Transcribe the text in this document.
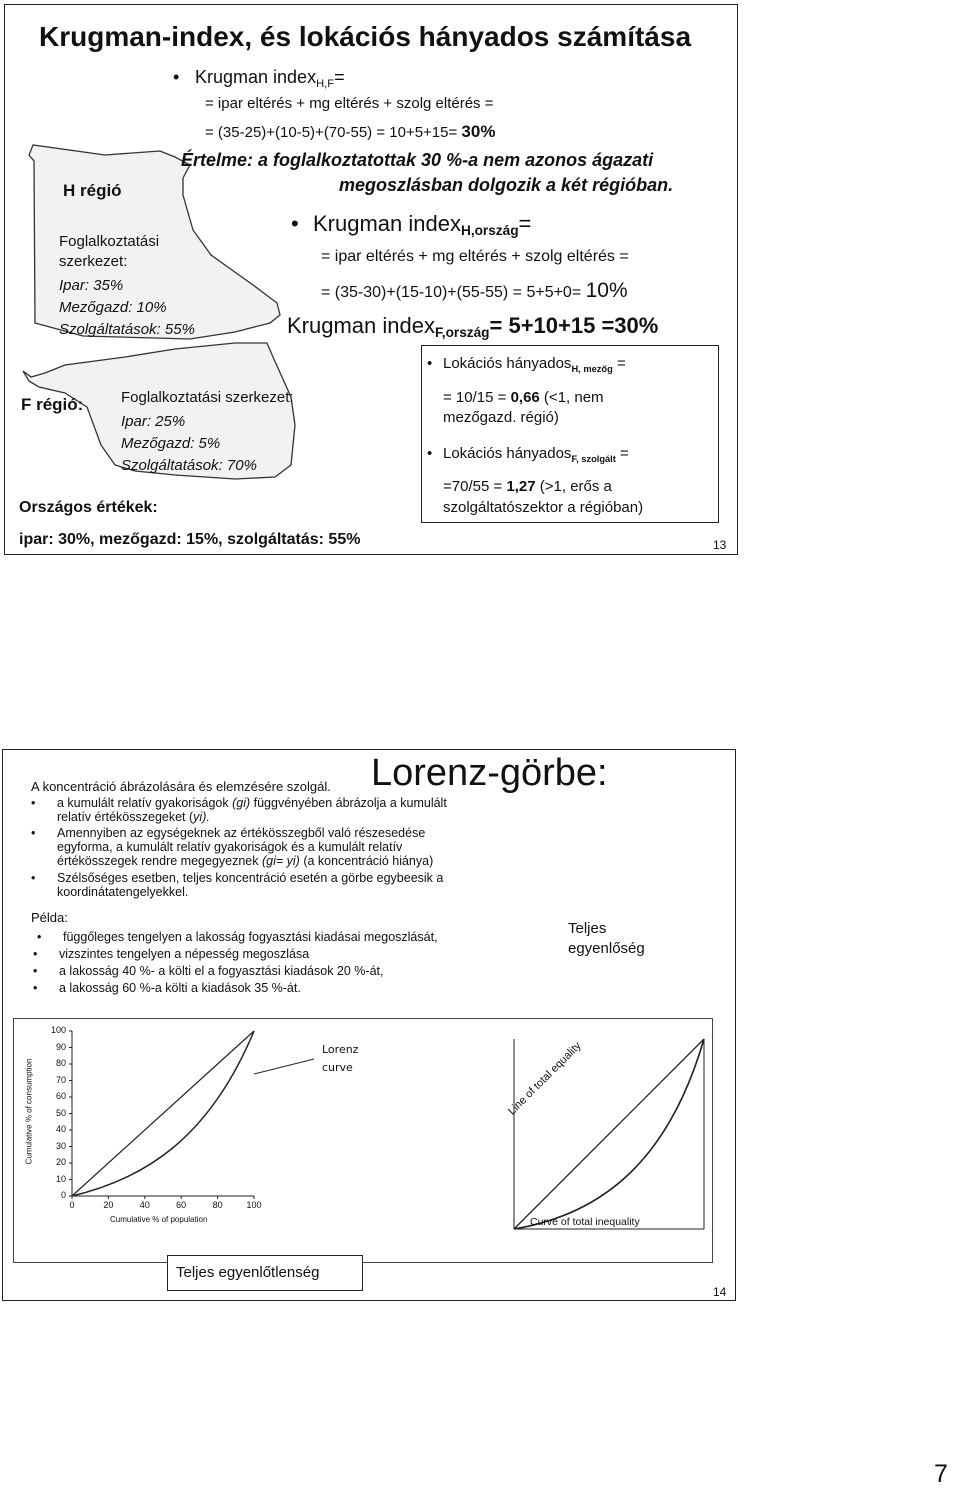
Krugman-index, és lokációs hányados számítása
• Krugman index$_{H,F}$=
= ipar eltérés + mg eltérés + szolg eltérés =
= (35-25)+(10-5)+(70-55) = 10+5+15= 30%
Értelme: a foglalkoztatottak 30 %-a nem azonos ágazati
megoszlásban dolgozik a két régióban.
H régió
Foglalkoztatási
szerkezet:
Ipar: 35%
Mezőgazd: 10%
Szolgáltatások: 55%
• Krugman index$_{H,ország}$=
= ipar eltérés + mg eltérés + szolg eltérés =
= (35-30)+(15-10)+(55-55) = 5+5+0= 10%
Krugman index$_{F,ország}$= 5+10+15 =30%
F régió:	Foglalkoztatási szerkezet:
Ipar: 25%
Mezőgazd: 5%
Szolgáltatások: 70%
Országos értékek:
ipar: 30%, mezőgazd: 15%, szolgáltatás: 55%
• Lokációs hányados$_{H, mezőg}$ =
= 10/15 = 0,66 (<1, nem
mezőgazd. régió)
• Lokációs hányados$_{F, szolgált}$ =
=70/55 = 1,27 (>1, erős a
szolgáltatószektor a régióban)
13
Lorenz-görbe:
A koncentráció ábrázolására és elemzésére szolgál.
• a kumulált relatív gyakoriságok (gi) függvényében ábrázolja a kumulált
relatív értékösszegeket (yi).
• Amennyiben az egységeknek az értékösszegből való részesedése
egyforma, a kumulált relatív gyakoriságok és a kumulált relatív
értékösszegek rendre megegyeznek (gi= yi) (a koncentráció hiánya)
• Szélsőséges esetben, teljes koncentráció esetén a görbe egybeesik a
koordinátatengelyekkel.
Példa:
• függőleges tengelyen a lakosság fogyasztási kiadásai megoszlását,
• vizszintes tengelyen a népesség megoszlása
• a lakosság 40 %- a költi el a fogyasztási kiadások 20 %-át,
• a lakosság 60 %-a költi a kiadások 35 %-át.
Teljes
egyenlőség
Cumulative % of consumption
Cumulative % of population
100
90
80
70
60
50
40
30
20
10
0
0	20	40	60	80	100
Lorenz
curve	Line of total equality
Curve of total inequality
Teljes egyenlőtlenség
14
7
